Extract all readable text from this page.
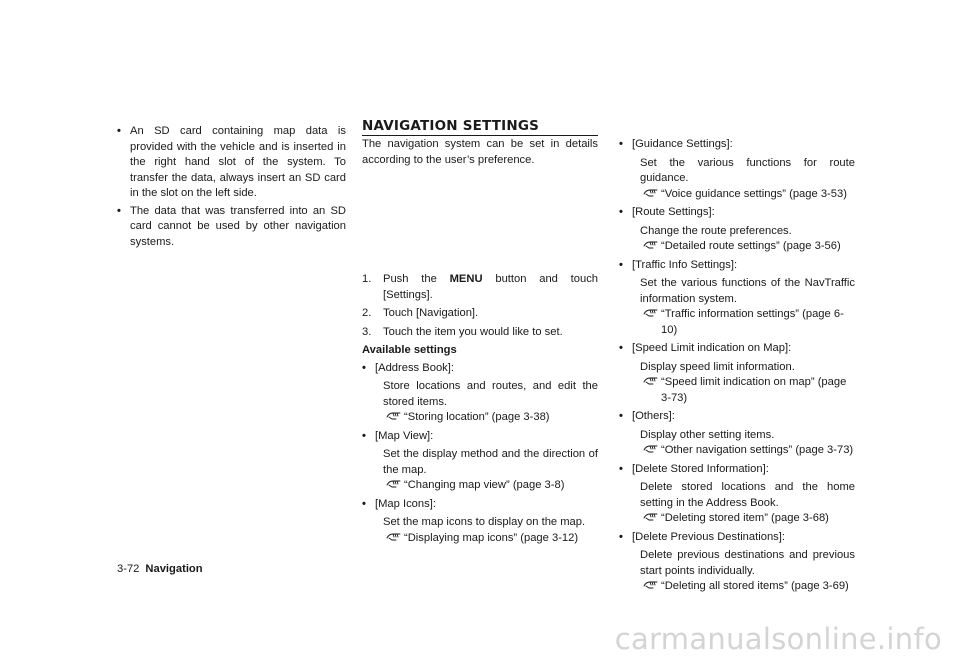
• An SD card containing map data is provided with the vehicle and is inserted in the right hand slot of the system. To transfer the data, always insert an SD card in the slot on the left side.

• The data that was transferred into an SD card cannot be used by other navigation systems.

NAVIGATION SETTINGS

The navigation system can be set in details according to the user’s preference.

1. Push the MENU button and touch [Settings].
2. Touch [Navigation].
3. Touch the item you would like to set.

Available settings

• [Address Book]:

Store locations and routes, and edit the stored items.

“Storing location” (page 3-38)

• [Map View]:

Set the display method and the direction of the map.

“Changing map view” (page 3-8)

• [Map Icons]:

Set the map icons to display on the map.

“Displaying map icons” (page 3-12)

• [Guidance Settings]:

Set the various functions for route guidance.

“Voice guidance settings” (page 3-53)

• [Route Settings]:

Change the route preferences.

“Detailed route settings” (page 3-56)

• [Traffic Info Settings]:

Set the various functions of the NavTraffic information system.

“Traffic information settings” (page 6-10)

• [Speed Limit indication on Map]:

Display speed limit information.

“Speed limit indication on map” (page 3-73)

• [Others]:

Display other setting items.

“Other navigation settings” (page 3-73)

• [Delete Stored Information]:

Delete stored locations and the home setting in the Address Book.

“Deleting stored item” (page 3-68)

• [Delete Previous Destinations]:

Delete previous destinations and previous start points individually.

“Deleting all stored items” (page 3-69)

3-72 Navigation
carmanualsonline.info
